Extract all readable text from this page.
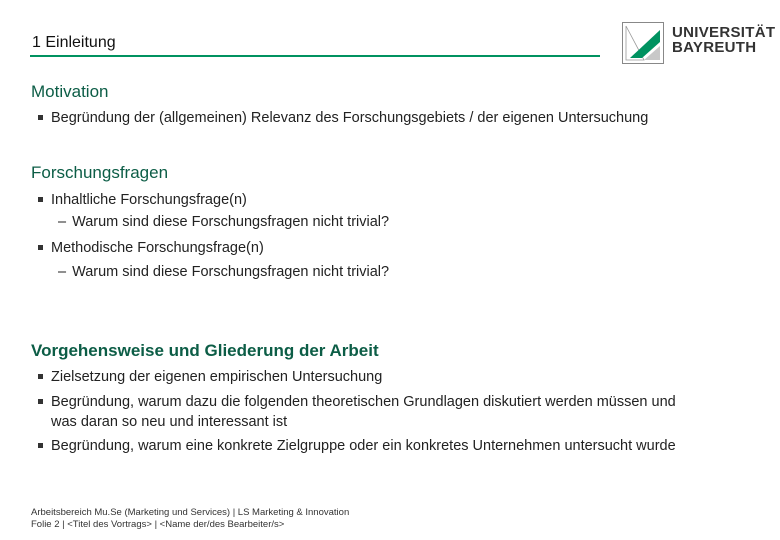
1 Einleitung
UNIVERSITÄT
BAYREUTH
Motivation
Begründung der (allgemeinen) Relevanz des Forschungsgebiets / der eigenen Untersuchung
Forschungsfragen
Inhaltliche Forschungsfrage(n)
– Warum sind diese Forschungsfragen nicht trivial?
Methodische Forschungsfrage(n)
– Warum sind diese Forschungsfragen nicht trivial?
Vorgehensweise und Gliederung der Arbeit
Zielsetzung der eigenen empirischen Untersuchung
Begründung, warum dazu die folgenden theoretischen Grundlagen diskutiert werden müssen und
was daran so neu und interessant ist
Begründung, warum eine konkrete Zielgruppe oder ein konkretes Unternehmen untersucht wurde
Arbeitsbereich Mu.Se (Marketing und Services) | LS Marketing & Innovation
Folie 2 | <Titel des Vortrags> | <Name der/des Bearbeiter/s>
